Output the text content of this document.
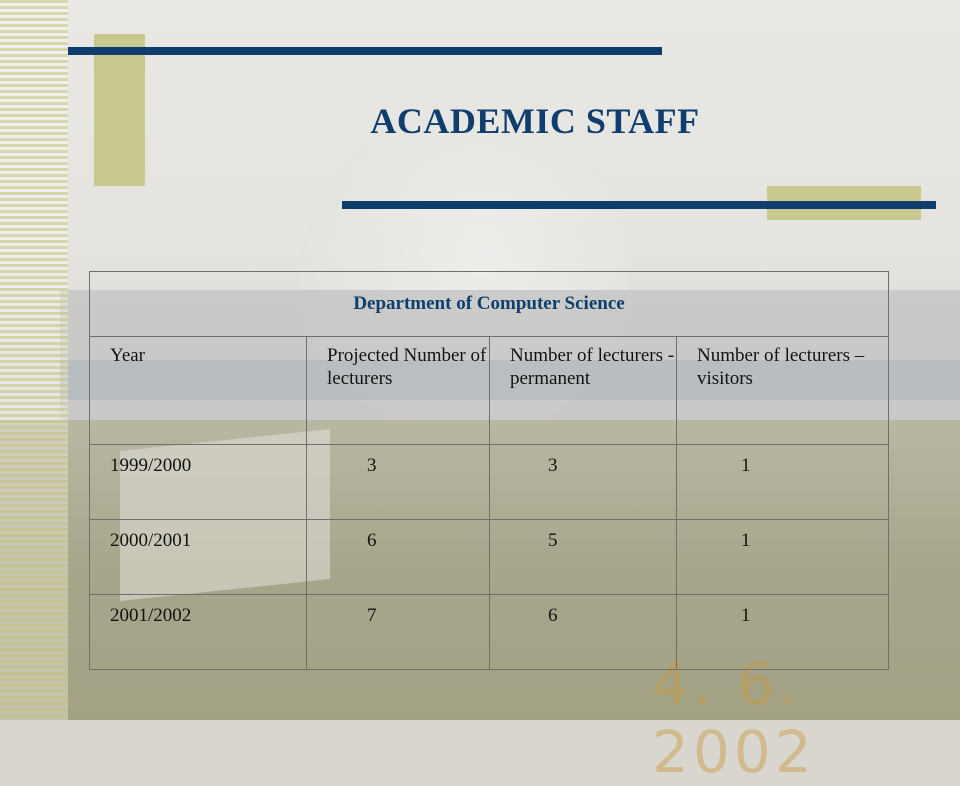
4. 6. 2002
ACADEMIC STAFF
Department of Computer Science			
Year	Projected Number of lecturers	Number of lecturers - permanent	Number of lecturers – visitors
1999/2000	3	3	1
2000/2001	6	5	1
2001/2002	7	6	1
